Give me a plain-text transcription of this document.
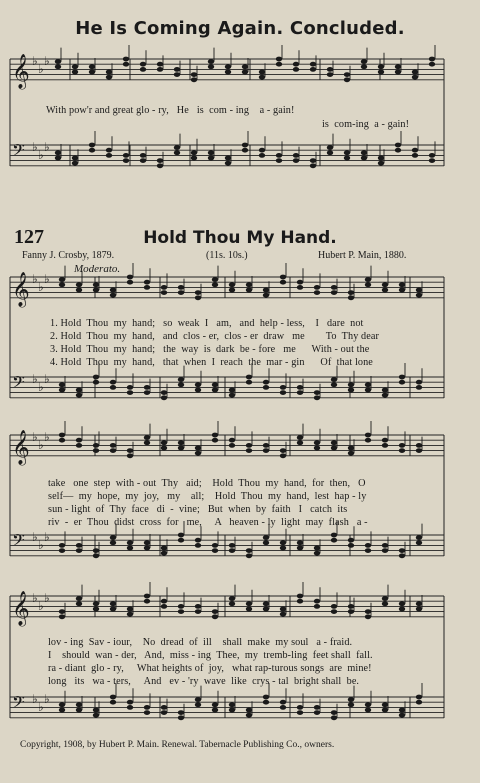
𝄞 ♭
♭
♭
𝄢 ♭
♭
♭
𝄞 ♭
♭
♭
𝄢 ♭
♭
♭
𝄞 ♭
♭
♭
𝄢 ♭
♭
♭
𝄞 ♭
♭
♭
𝄢 ♭
♭
♭
He Is Coming Again. Concluded.
With pow'r and great glo - ry,   He   is  com - ing    a - gain!
is  com-ing  a - gain!
127	Hold Thou My Hand.
Fanny J. Crosby, 1879.	(11s. 10s.)	Hubert P. Main, 1880.
Moderato.
1. Hold  Thou  my  hand;   so  weak  I   am,   and  help - less,    I   dare  not
2. Hold  Thou  my  hand,   and  clos - er,  clos - er  draw   me        To  Thy dear
3. Hold  Thou  my  hand;   the  way  is  dark  be - fore   me      With - out the
4. Hold  Thou  my  hand,   that  when  I  reach  the  mar - gin      Of  that lone
take   one  step  with - out  Thy   aid;    Hold  Thou  my  hand,  for  then,   O
self—  my  hope,  my  joy,   my    all;    Hold  Thou  my  hand,  lest  hap - ly
sun - light  of  Thy  face   di  -  vine;   But  when  by  faith   I   catch  its
riv  -  er  Thou  didst  cross  for   me,     A   heaven - ly  light  may  flash   a -
lov - ing  Sav - iour,    No  dread  of  ill    shall  make  my soul   a - fraid.
I    should  wan - der,   And,  miss - ing  Thee,  my  tremb-ling  feet shall  fall.
ra - diant  glo - ry,     What heights of  joy,   what rap-turous songs  are  mine!
long   its   wa - ters,     And   ev - 'ry  wave  like  crys - tal  bright shall  be.
Copyright, 1908, by Hubert P. Main. Renewal. Tabernacle Publishing Co., owners.
